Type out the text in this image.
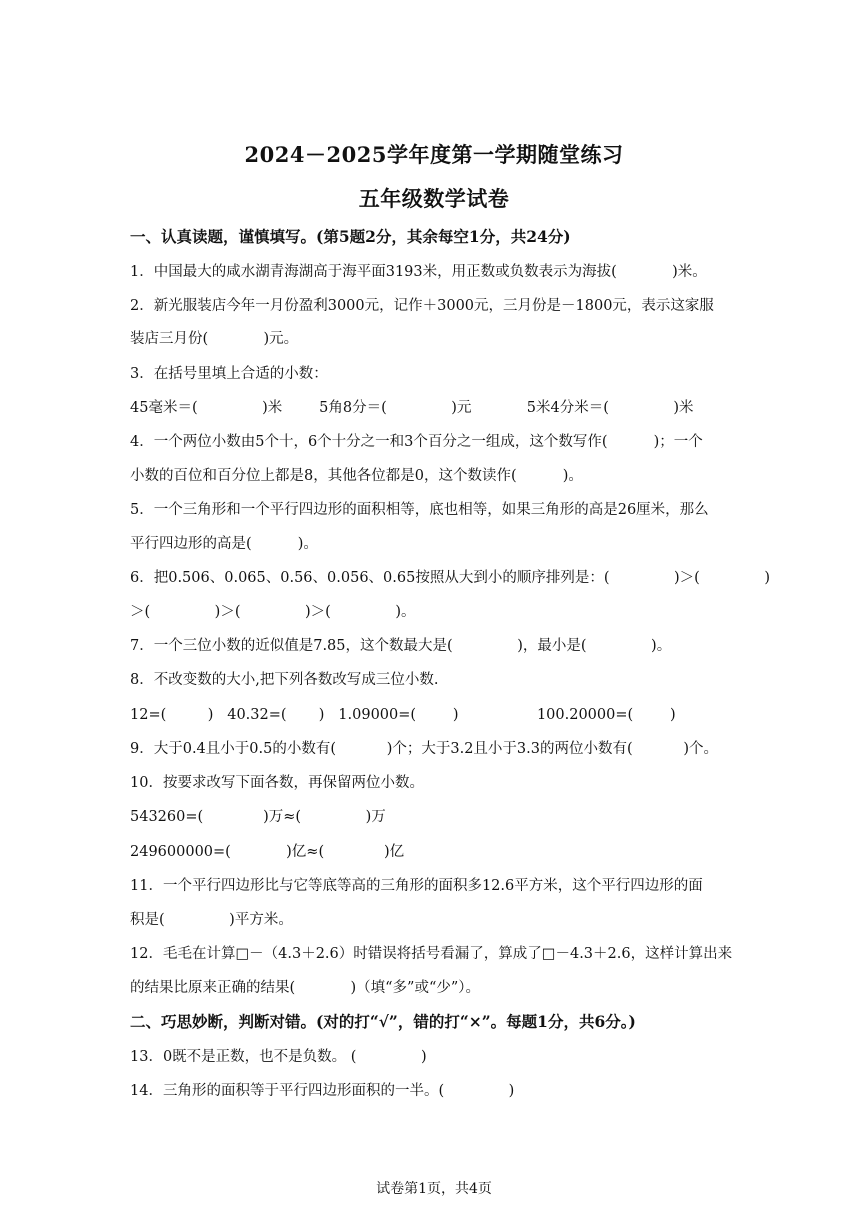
2024－2025学年度第一学期随堂练习
五年级数学试卷
一、认真读题，谨慎填写。(第5题2分，其余每空1分，共24分)
1．中国最大的咸水湖青海湖高于海平面3193米，用正数或负数表示为海拔(            )米。
2．新光服装店今年一月份盈利3000元，记作＋3000元，三月份是－1800元，表示这家服
装店三月份(            )元。
3．在括号里填上合适的小数：
45毫米＝(              )米        5角8分＝(              )元            5米4分米＝(              )米
4．一个两位小数由5个十，6个十分之一和3个百分之一组成，这个数写作(          )；一个
小数的百位和百分位上都是8，其他各位都是0，这个数读作(          )。
5．一个三角形和一个平行四边形的面积相等，底也相等，如果三角形的高是26厘米，那么
平行四边形的高是(          )。
6．把0.506、0.065、0.56、0.056、0.65按照从大到小的顺序排列是：(              )＞(              )
＞(              )＞(              )＞(              )。
7．一个三位小数的近似值是7.85，这个数最大是(              )，最小是(              )。
8．不改变数的大小,把下列各数改写成三位小数.
12=(         )   40.32=(       )   1.09000=(        )                 100.20000=(        )
9．大于0.4且小于0.5的小数有(           )个；大于3.2且小于3.3的两位小数有(           )个。
10．按要求改写下面各数，再保留两位小数。
543260=(             )万≈(              )万
249600000=(            )亿≈(             )亿
11．一个平行四边形比与它等底等高的三角形的面积多12.6平方米，这个平行四边形的面
积是(              )平方米。
12．毛毛在计算□－（4.3＋2.6）时错误将括号看漏了，算成了□－4.3＋2.6，这样计算出来
的结果比原来正确的结果(            )（填“多”或“少”）。
二、巧思妙断，判断对错。(对的打“√”，错的打“×”。每题1分，共6分。)
13．0既不是正数，也不是负数。 (              )
14．三角形的面积等于平行四边形面积的一半。(              )
试卷第1页，共4页
